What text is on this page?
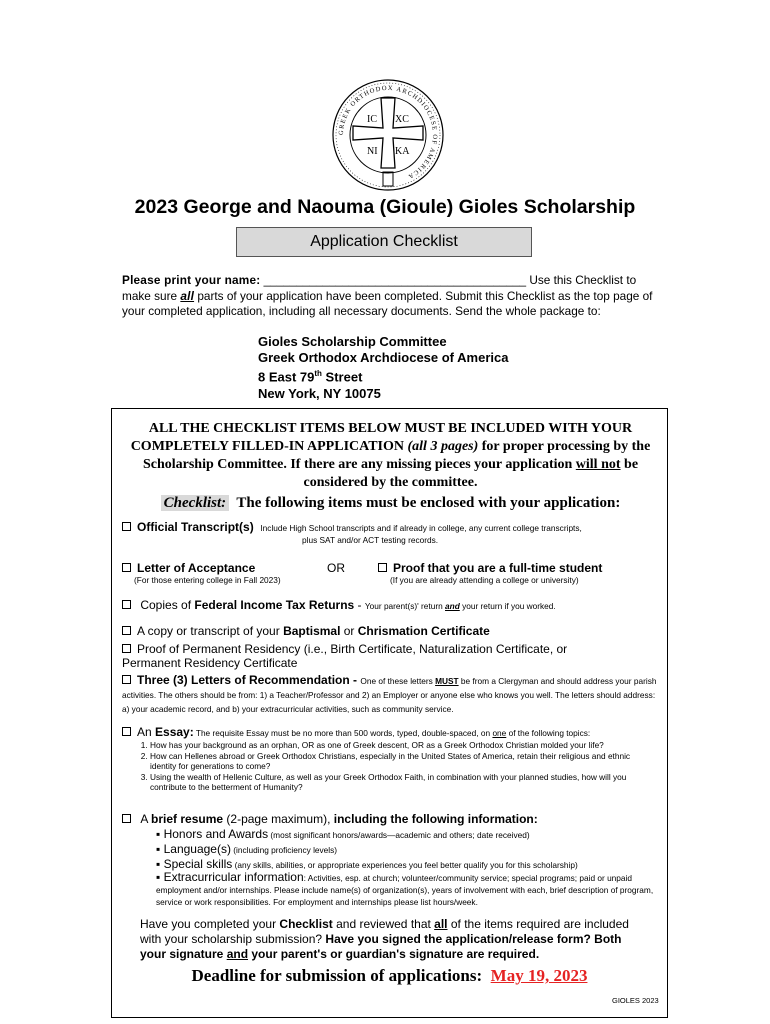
IC XC
NI KA
GREEK ORTHODOX ARCHDIOCESE OF AMERICA
2023 George and Naouma (Gioule) Gioles Scholarship
Application Checklist
Please print your name: ________________________________________ Use this Checklist to make sure all parts of your application have been completed. Submit this Checklist as the top page of your completed application, including all necessary documents. Send the whole package to:
Gioles Scholarship Committee
Greek Orthodox Archdiocese of America
8 East 79th Street
New York, NY 10075
ALL THE CHECKLIST ITEMS BELOW MUST BE INCLUDED WITH YOUR COMPLETELY FILLED-IN APPLICATION (all 3 pages) for proper processing by the Scholarship Committee. If there are any missing pieces your application will not be considered by the committee.
Checklist: The following items must be enclosed with your application:
Official Transcript(s) Include High School transcripts and if already in college, any current college transcripts,
plus SAT and/or ACT testing records.
Letter of Acceptance
(For those entering college in Fall 2023)
OR	Proof that you are a full-time student
(If you are already attending a college or university)
Copies of Federal Income Tax Returns - Your parent(s)' return and your return if you worked.
A copy or transcript of your Baptismal or Chrismation Certificate
Proof of Permanent Residency (i.e., Birth Certificate, Naturalization Certificate, or Permanent Residency Certificate
Three (3) Letters of Recommendation - One of these letters MUST be from a Clergyman and should address your parish activities. The others should be from: 1) a Teacher/Professor and 2) an Employer or anyone else who knows you well. The letters should address: a) your academic record, and b) your extracurricular activities, such as community service.
An Essay: The requisite Essay must be no more than 500 words, typed, double-spaced, on one of the following topics:
1. How has your background as an orphan, OR as one of Greek descent, OR as a Greek Orthodox Christian molded your life?
2. How can Hellenes abroad or Greek Orthodox Christians, especially in the United States of America, retain their religious and ethnic identity for generations to come?
3. Using the wealth of Hellenic Culture, as well as your Greek Orthodox Faith, in combination with your planned studies, how will you contribute to the betterment of Humanity?
A brief resume (2-page maximum), including the following information:
▪ Honors and Awards (most significant honors/awards—academic and others; date received)
▪ Language(s) (including proficiency levels)
▪ Special skills (any skills, abilities, or appropriate experiences you feel better qualify you for this scholarship)
▪ Extracurricular information: Activities, esp. at church; volunteer/community service; special programs; paid or unpaid employment and/or internships. Please include name(s) of organization(s), years of involvement with each, brief description of program, service or work responsibilities. For employment and internships please list hours/week.
Have you completed your Checklist and reviewed that all of the items required are included with your scholarship submission? Have you signed the application/release form? Both your signature and your parent's or guardian's signature are required.
Deadline for submission of applications: May 19, 2023
GIOLES 2023
